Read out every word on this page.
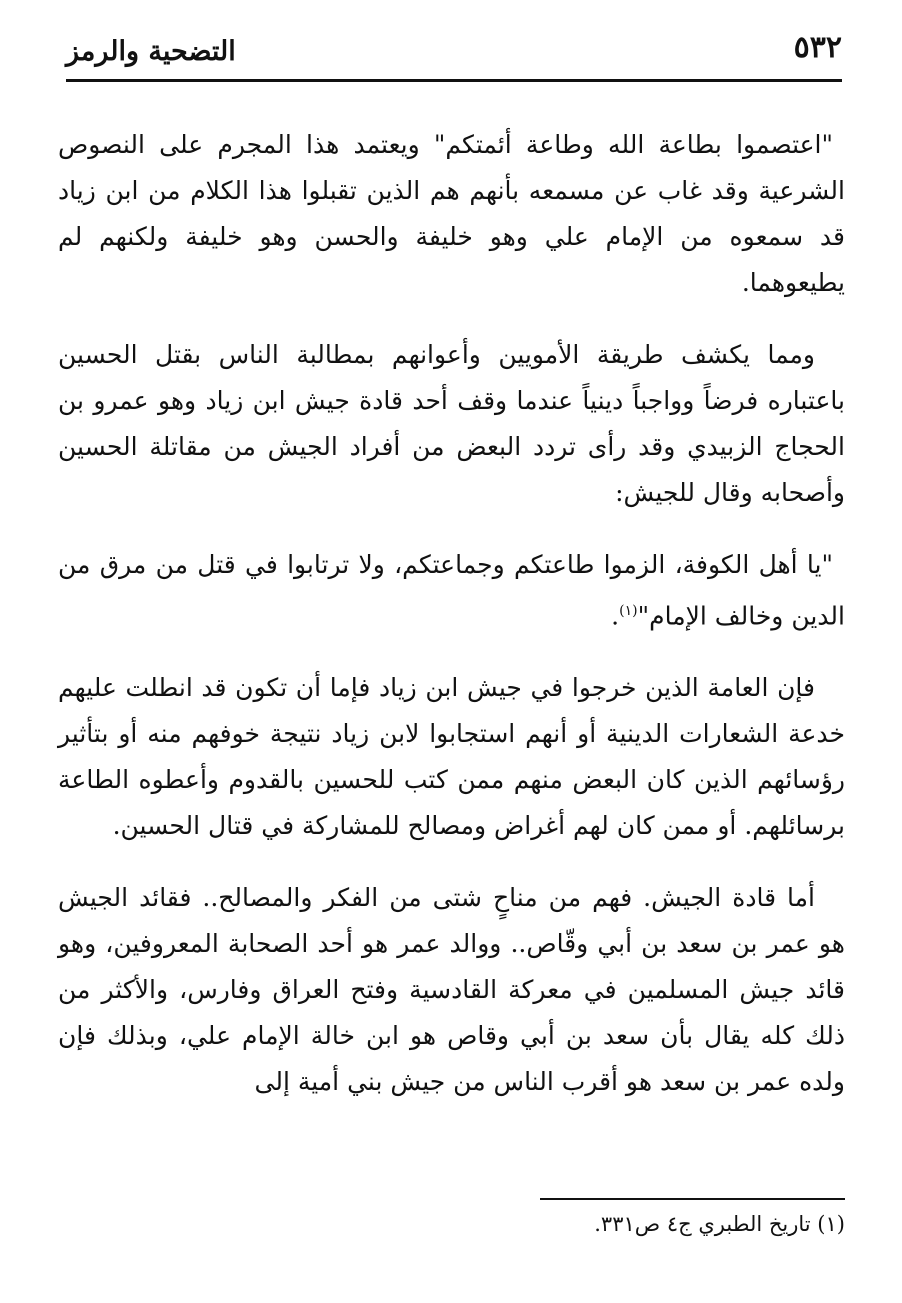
٥٣٢
التضحية والرمز

"اعتصموا بطاعة الله وطاعة أئمتكم" ويعتمد هذا المجرم على النصوص الشرعية وقد غاب عن مسمعه بأنهم هم الذين تقبلوا هذا الكلام من ابن زياد قد سمعوه من الإمام علي وهو خليفة والحسن وهو خليفة ولكنهم لم يطيعوهما.

ومما يكشف طريقة الأمويين وأعوانهم بمطالبة الناس بقتل الحسين باعتباره فرضاً وواجباً دينياً عندما وقف أحد قادة جيش ابن زياد وهو عمرو بن الحجاج الزبيدي وقد رأى تردد البعض من أفراد الجيش من مقاتلة الحسين وأصحابه وقال للجيش:

"يا أهل الكوفة، الزموا طاعتكم وجماعتكم، ولا ترتابوا في قتل من مرق من الدين وخالف الإمام"$^{(١)}$.

فإن العامة الذين خرجوا في جيش ابن زياد فإما أن تكون قد انطلت عليهم خدعة الشعارات الدينية أو أنهم استجابوا لابن زياد نتيجة خوفهم منه أو بتأثير رؤسائهم الذين كان البعض منهم ممن كتب للحسين بالقدوم وأعطوه الطاعة برسائلهم. أو ممن كان لهم أغراض ومصالح للمشاركة في قتال الحسين.

أما قادة الجيش. فهم من مناحٍ شتى من الفكر والمصالح.. فقائد الجيش هو عمر بن سعد بن أبي وقّاص.. ووالد عمر هو أحد الصحابة المعروفين، وهو قائد جيش المسلمين في معركة القادسية وفتح العراق وفارس، والأكثر من ذلك كله يقال بأن سعد بن أبي وقاص هو ابن خالة الإمام علي، وبذلك فإن ولده عمر بن سعد هو أقرب الناس من جيش بني أمية إلى

(١) تاريخ الطبري ج٤ ص٣٣١.
